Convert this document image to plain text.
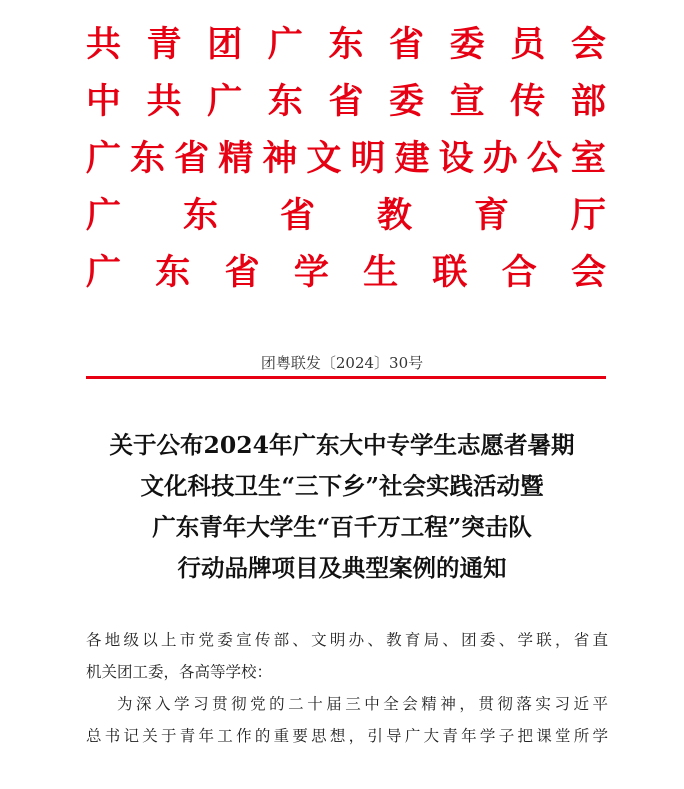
共 青 团 广 东 省 委 员 会
中 共 广 东 省 委 宣 传 部
广 东 省 精 神 文 明 建 设 办 公 室
广 东 省 教 育 厅
广 东 省 学 生 联 合 会
团粤联发〔2024〕30号
关于公布2024年广东大中专学生志愿者暑期
文化科技卫生“三下乡”社会实践活动暨
广东青年大学生“百千万工程”突击队
行动品牌项目及典型案例的通知
各地级以上市党委宣传部、文明办、教育局、团委、学联，省直
机关团工委，各高等学校：
为深入学习贯彻党的二十届三中全会精神，贯彻落实习近平
总书记关于青年工作的重要思想，引导广大青年学子把课堂所学
